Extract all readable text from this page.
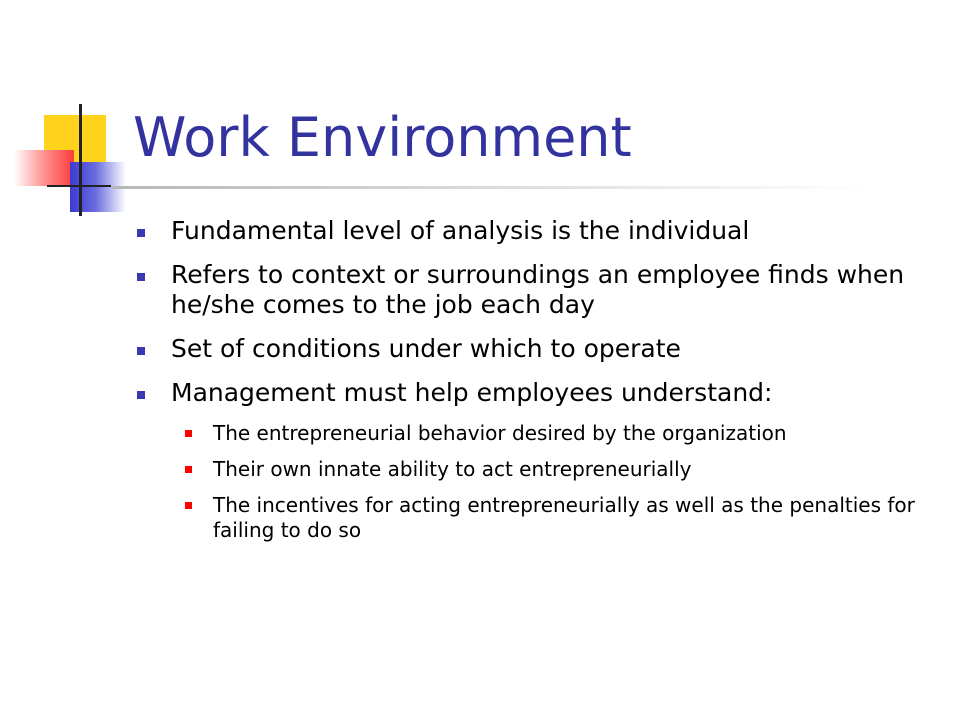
Work Environment
Fundamental level of analysis is the individual
Refers to context or surroundings an employee finds when he/she comes to the job each day
Set of conditions under which to operate
Management must help employees understand:
The entrepreneurial behavior desired by the organization
Their own innate ability to act entrepreneurially
The incentives for acting entrepreneurially as well as the penalties for failing to do so
